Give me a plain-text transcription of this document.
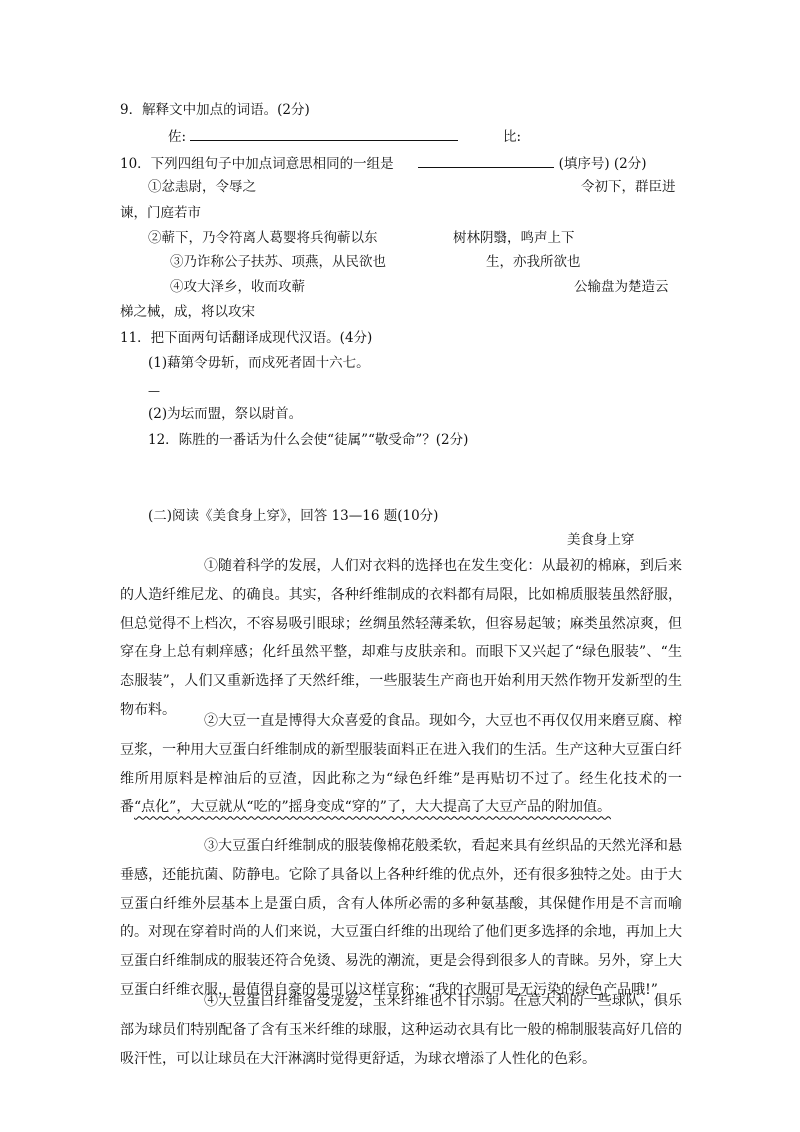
9．解释文中加点的词语。(2分)
佐:	比:
10．下列四组句子中加点词意思相同的一组是	(填序号) (2分)
①忿恚尉，令辱之	令初下，群臣进
谏，门庭若市
②蕲下，乃令符离人葛婴将兵徇蕲以东	树林阴翳，鸣声上下
③乃诈称公子扶苏、项燕，从民欲也	生，亦我所欲也
④攻大泽乡，收而攻蕲	公输盘为楚造云
梯之械，成，将以攻宋
11．把下面两句话翻译成现代汉语。(4分)
(1)藉第令毋斩，而戍死者固十六七。
—
(2)为坛而盟，祭以尉首。
12．陈胜的一番话为什么会使“徒属”“敬受命”？(2分)
(二)阅读《美食身上穿》，回答 13—16 题(10分)
美食身上穿
①随着科学的发展，人们对衣料的选择也在发生变化：从最初的棉麻，到后来的人造纤维尼龙、的确良。其实，各种纤维制成的衣料都有局限，比如棉质服装虽然舒服，但总觉得不上档次，不容易吸引眼球；丝绸虽然轻薄柔软，但容易起皱；麻类虽然凉爽，但穿在身上总有刺痒感；化纤虽然平整，却难与皮肤亲和。而眼下又兴起了“绿色服装”、“生态服装”，人们又重新选择了天然纤维，一些服装生产商也开始利用天然作物开发新型的生物布料。
②大豆一直是博得大众喜爱的食品。现如今，大豆也不再仅仅用来磨豆腐、榨豆浆，一种用大豆蛋白纤维制成的新型服装面料正在进入我们的生活。生产这种大豆蛋白纤维所用原料是榨油后的豆渣，因此称之为“绿色纤维”是再贴切不过了。经生化技术的一番“点化”，大豆就从“吃的”摇身变成“穿的”了，大大提高了大豆产品的附加值。
③大豆蛋白纤维制成的服装像棉花般柔软，看起来具有丝织品的天然光泽和悬垂感，还能抗菌、防静电。它除了具备以上各种纤维的优点外，还有很多独特之处。由于大豆蛋白纤维外层基本上是蛋白质，含有人体所必需的多种氨基酸，其保健作用是不言而喻的。对现在穿着时尚的人们来说，大豆蛋白纤维的出现给了他们更多选择的余地，再加上大豆蛋白纤维制成的服装还符合免烫、易洗的潮流，更是会得到很多人的青睐。另外，穿上大豆蛋白纤维衣服，最值得自豪的是可以这样宣称：“我的衣服可是无污染的绿色产品哦!”
④大豆蛋白纤维备受宠爱，玉米纤维也不甘示弱。在意大利的一些球队，俱乐部为球员们特别配备了含有玉米纤维的球服，这种运动衣具有比一般的棉制服装高好几倍的吸汗性，可以让球员在大汗淋漓时觉得更舒适，为球衣增添了人性化的色彩。
